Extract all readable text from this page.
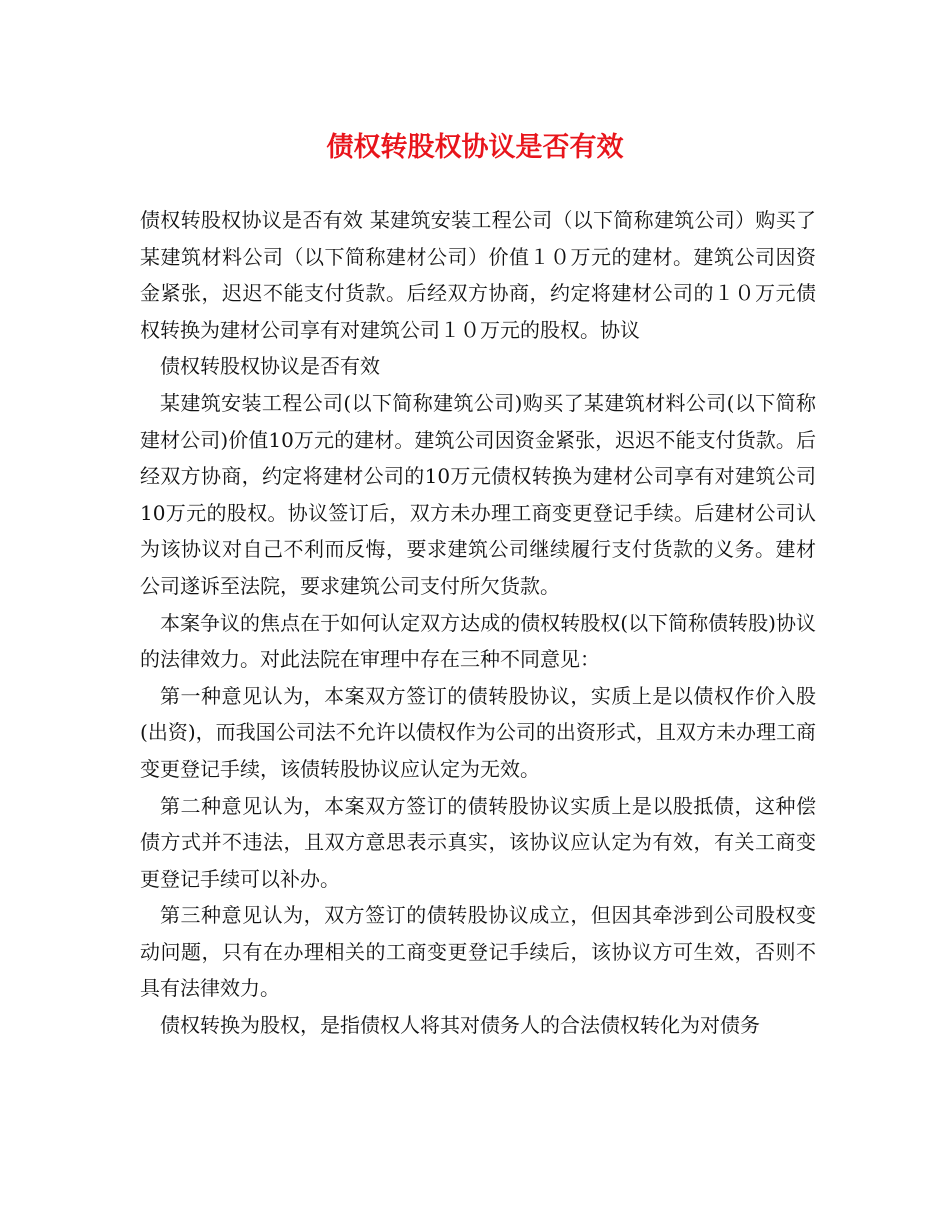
债权转股权协议是否有效

债权转股权协议是否有效 某建筑安装工程公司（以下简称建筑公司）购买了某建筑材料公司（以下简称建材公司）价值１０万元的建材。建筑公司因资金紧张，迟迟不能支付货款。后经双方协商，约定将建材公司的１０万元债权转换为建材公司享有对建筑公司１０万元的股权。协议

债权转股权协议是否有效

某建筑安装工程公司(以下简称建筑公司)购买了某建筑材料公司(以下简称建材公司)价值10万元的建材。建筑公司因资金紧张，迟迟不能支付货款。后经双方协商，约定将建材公司的10万元债权转换为建材公司享有对建筑公司10万元的股权。协议签订后，双方未办理工商变更登记手续。后建材公司认为该协议对自己不利而反悔，要求建筑公司继续履行支付货款的义务。建材公司遂诉至法院，要求建筑公司支付所欠货款。

本案争议的焦点在于如何认定双方达成的债权转股权(以下简称债转股)协议的法律效力。对此法院在审理中存在三种不同意见：

第一种意见认为，本案双方签订的债转股协议，实质上是以债权作价入股(出资)，而我国公司法不允许以债权作为公司的出资形式，且双方未办理工商变更登记手续，该债转股协议应认定为无效。

第二种意见认为，本案双方签订的债转股协议实质上是以股抵债，这种偿债方式并不违法，且双方意思表示真实，该协议应认定为有效，有关工商变更登记手续可以补办。

第三种意见认为，双方签订的债转股协议成立，但因其牵涉到公司股权变动问题，只有在办理相关的工商变更登记手续后，该协议方可生效，否则不具有法律效力。

债权转换为股权，是指债权人将其对债务人的合法债权转化为对债务
